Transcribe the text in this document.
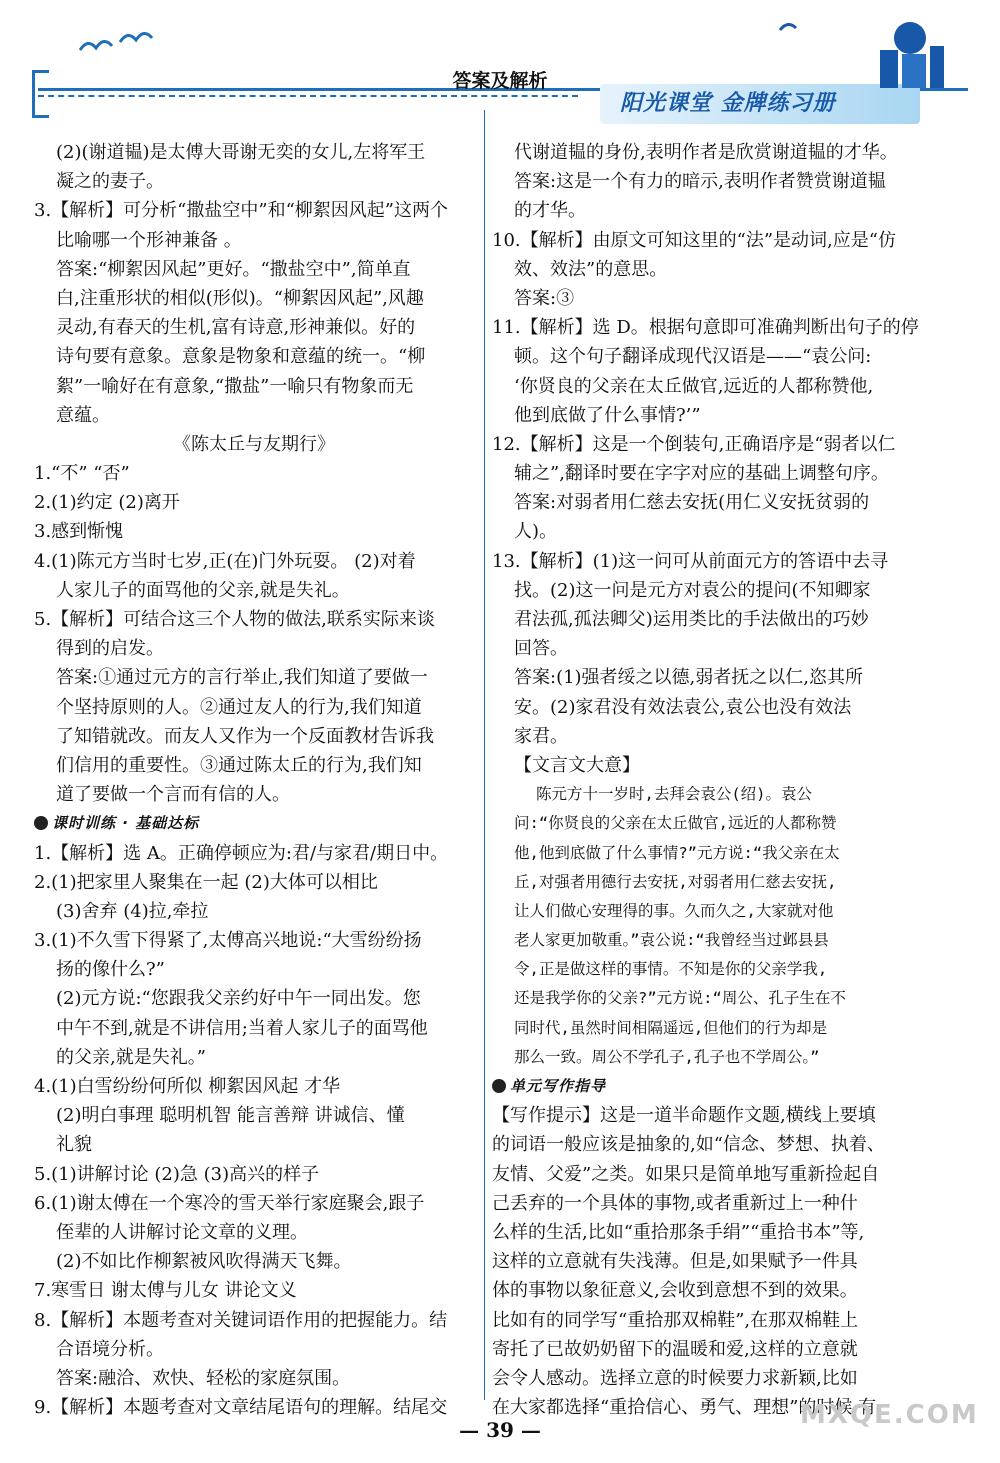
答案及解析
阳光课堂 金牌练习册
(2)(谢道韫)是太傅大哥谢无奕的女儿,左将军王
凝之的妻子。
3.【解析】可分析“撒盐空中”和“柳絮因风起”这两个
比喻哪一个形神兼备 。
答案:“柳絮因风起”更好。“撒盐空中”,简单直
白,注重形状的相似(形似)。“柳絮因风起”,风趣
灵动,有春天的生机,富有诗意,形神兼似。好的
诗句要有意象。意象是物象和意蕴的统一。“柳
絮”一喻好在有意象,“撒盐”一喻只有物象而无
意蕴。
《陈太丘与友期行》
1.“不” “否”
2.(1)约定 (2)离开
3.感到惭愧
4.(1)陈元方当时七岁,正(在)门外玩耍。 (2)对着
人家儿子的面骂他的父亲,就是失礼。
5.【解析】可结合这三个人物的做法,联系实际来谈
得到的启发。
答案:①通过元方的言行举止,我们知道了要做一
个坚持原则的人。②通过友人的行为,我们知道
了知错就改。而友人又作为一个反面教材告诉我
们信用的重要性。③通过陈太丘的行为,我们知
道了要做一个言而有信的人。
课时训练 · 基础达标
1.【解析】选 A。正确停顿应为:君/与家君/期日中。
2.(1)把家里人聚集在一起 (2)大体可以相比
(3)舍弃 (4)拉,牵拉
3.(1)不久雪下得紧了,太傅高兴地说:“大雪纷纷扬
扬的像什么?”
(2)元方说:“您跟我父亲约好中午一同出发。您
中午不到,就是不讲信用;当着人家儿子的面骂他
的父亲,就是失礼。”
4.(1)白雪纷纷何所似 柳絮因风起 才华
(2)明白事理 聪明机智 能言善辩 讲诚信、懂
礼貌
5.(1)讲解讨论 (2)急 (3)高兴的样子
6.(1)谢太傅在一个寒冷的雪天举行家庭聚会,跟子
侄辈的人讲解讨论文章的义理。
(2)不如比作柳絮被风吹得满天飞舞。
7.寒雪日 谢太傅与儿女 讲论文义
8.【解析】本题考查对关键词语作用的把握能力。结
合语境分析。
答案:融洽、欢快、轻松的家庭氛围。
9.【解析】本题考查对文章结尾语句的理解。结尾交
代谢道韫的身份,表明作者是欣赏谢道韫的才华。
答案:这是一个有力的暗示,表明作者赞赏谢道韫
的才华。
10.【解析】由原文可知这里的“法”是动词,应是“仿
效、效法”的意思。
答案:③
11.【解析】选 D。根据句意即可准确判断出句子的停
顿。这个句子翻译成现代汉语是——“袁公问:
‘你贤良的父亲在太丘做官,远近的人都称赞他,
他到底做了什么事情?’”
12.【解析】这是一个倒装句,正确语序是“弱者以仁
辅之”,翻译时要在字字对应的基础上调整句序。
答案:对弱者用仁慈去安抚(用仁义安抚贫弱的
人)。
13.【解析】(1)这一问可从前面元方的答语中去寻
找。(2)这一问是元方对袁公的提问(不知卿家
君法孤,孤法卿父)运用类比的手法做出的巧妙
回答。
答案:(1)强者绥之以德,弱者抚之以仁,恣其所
安。(2)家君没有效法袁公,袁公也没有效法
家君。
【文言文大意】
陈元方十一岁时,去拜会袁公(绍)。袁公
问:“你贤良的父亲在太丘做官,远近的人都称赞
他,他到底做了什么事情?”元方说:“我父亲在太
丘,对强者用德行去安抚,对弱者用仁慈去安抚,
让人们做心安理得的事。久而久之,大家就对他
老人家更加敬重。”袁公说:“我曾经当过邺县县
令,正是做这样的事情。不知是你的父亲学我,
还是我学你的父亲?”元方说:“周公、孔子生在不
同时代,虽然时间相隔遥远,但他们的行为却是
那么一致。周公不学孔子,孔子也不学周公。”
单元写作指导
【写作提示】这是一道半命题作文题,横线上要填
的词语一般应该是抽象的,如“信念、梦想、执着、
友情、父爱”之类。如果只是简单地写重新捡起自
己丢弃的一个具体的事物,或者重新过上一种什
么样的生活,比如“重拾那条手绢”“重拾书本”等,
这样的立意就有失浅薄。但是,如果赋予一件具
体的事物以象征意义,会收到意想不到的效果。
比如有的同学写“重拾那双棉鞋”,在那双棉鞋上
寄托了已故奶奶留下的温暖和爱,这样的立意就
会令人感动。选择立意的时候要力求新颖,比如
在大家都选择“重拾信心、勇气、理想”的时候,有
— 39 —	MXQE.COM
